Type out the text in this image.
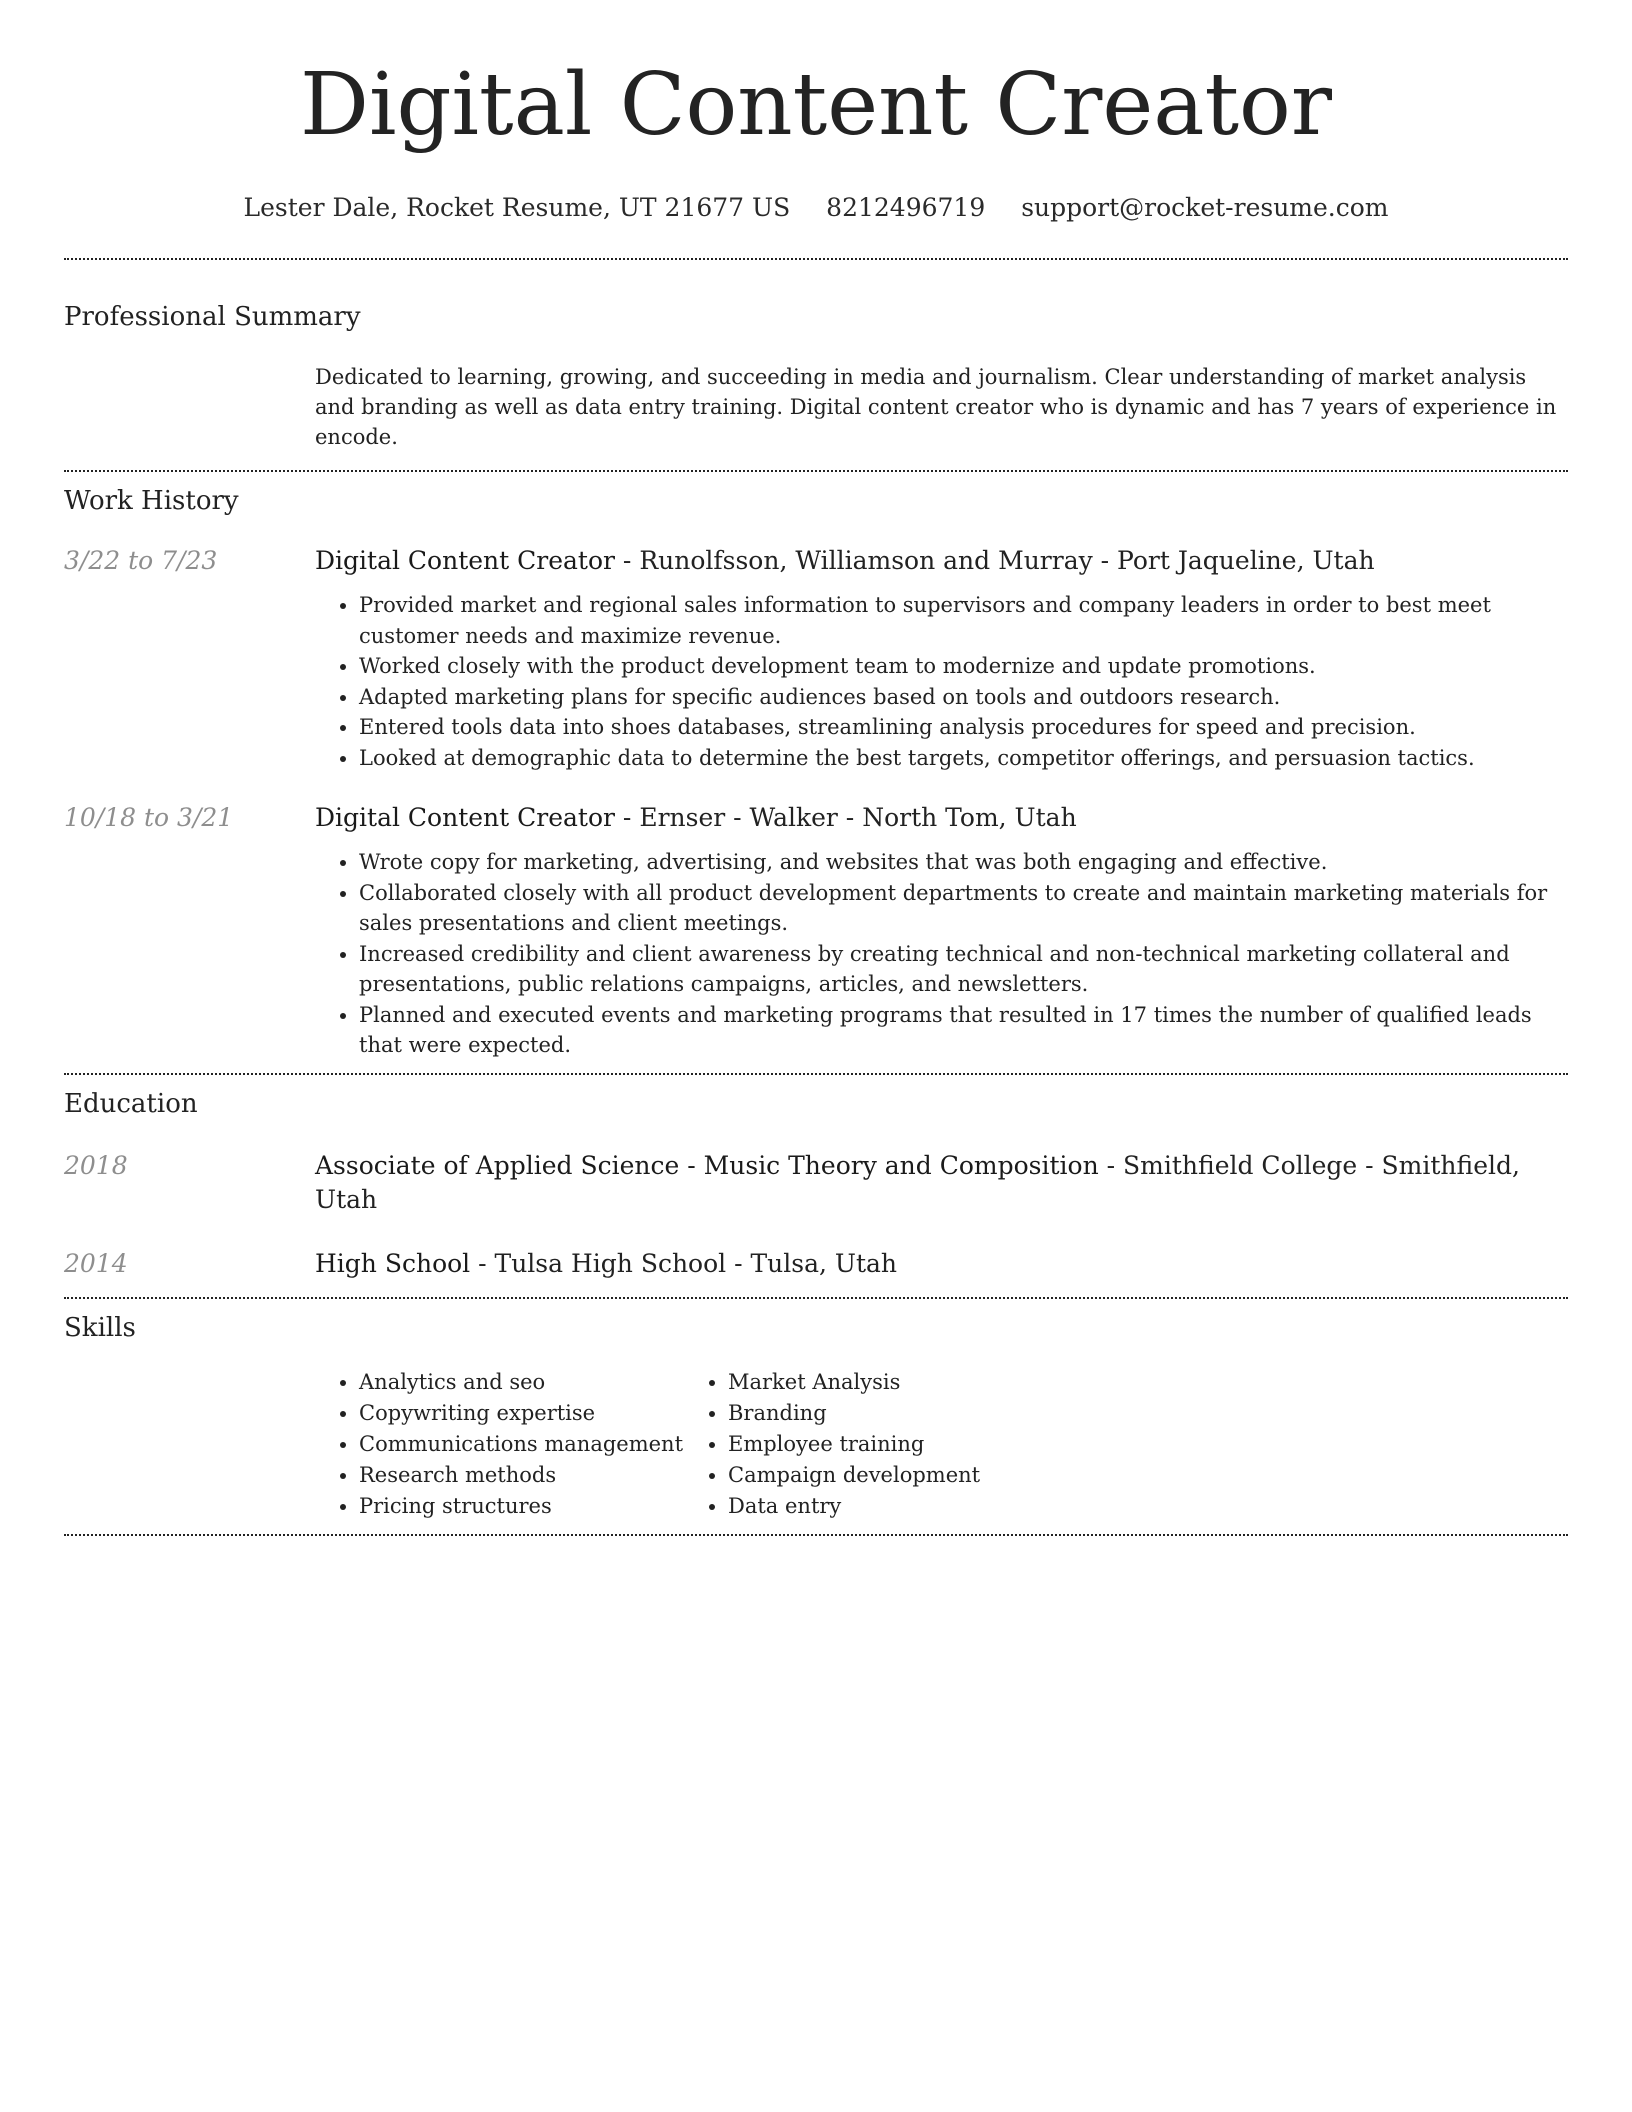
Digital Content Creator
Lester Dale, Rocket Resume, UT 21677 US 8212496719 support@rocket-resume.com
Professional Summary
Dedicated to learning, growing, and succeeding in media and journalism. Clear understanding of market analysis and branding as well as data entry training. Digital content creator who is dynamic and has 7 years of experience in encode.
Work History
3/22 to 7/23	Digital Content Creator - Runolfsson, Williamson and Murray - Port Jaqueline, Utah
• Provided market and regional sales information to supervisors and company leaders in order to best meet customer needs and maximize revenue.
• Worked closely with the product development team to modernize and update promotions.
• Adapted marketing plans for specific audiences based on tools and outdoors research.
• Entered tools data into shoes databases, streamlining analysis procedures for speed and precision.
• Looked at demographic data to determine the best targets, competitor offerings, and persuasion tactics.
10/18 to 3/21	Digital Content Creator - Ernser - Walker - North Tom, Utah
• Wrote copy for marketing, advertising, and websites that was both engaging and effective.
• Collaborated closely with all product development departments to create and maintain marketing materials for sales presentations and client meetings.
• Increased credibility and client awareness by creating technical and non-technical marketing collateral and presentations, public relations campaigns, articles, and newsletters.
• Planned and executed events and marketing programs that resulted in 17 times the number of qualified leads that were expected.
Education
2018	Associate of Applied Science - Music Theory and Composition - Smithfield College - Smithfield, Utah
2014	High School - Tulsa High School - Tulsa, Utah
Skills
• Analytics and seo
• Copywriting expertise
• Communications management
• Research methods
• Pricing structures
• Market Analysis
• Branding
• Employee training
• Campaign development
• Data entry
